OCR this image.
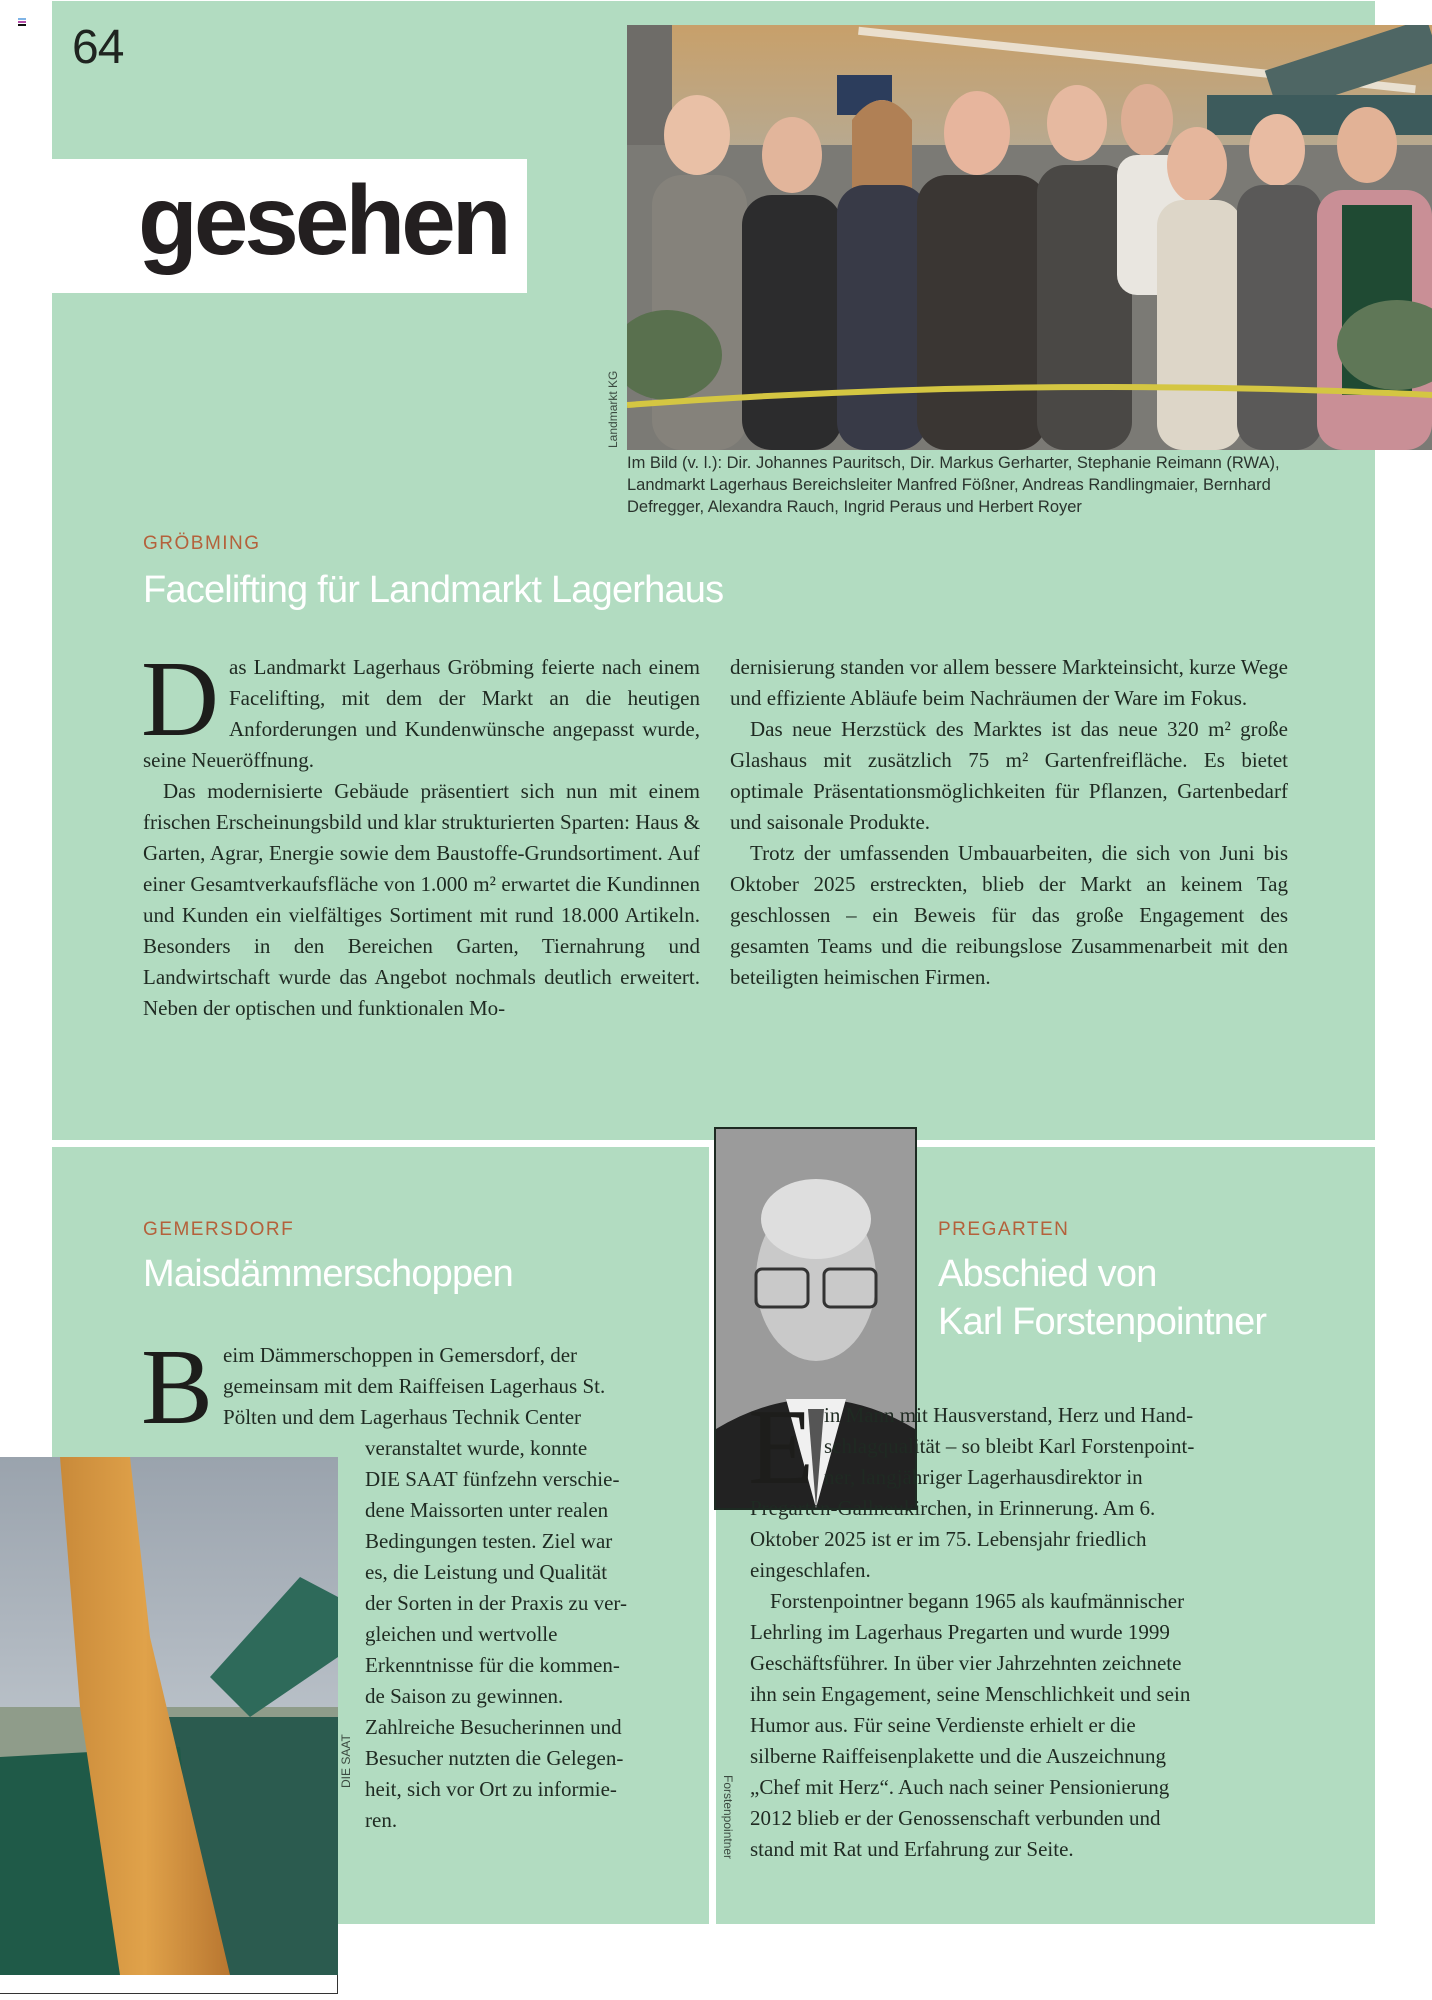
64
gesehen
Landmarkt KG
Im Bild (v. l.): Dir. Johannes Pauritsch, Dir. Markus Gerharter, Stephanie Reimann (RWA), Landmarkt Lagerhaus Bereichsleiter Manfred Fößner, Andreas Randlingmaier, Bernhard Defregger, Alexandra Rauch, Ingrid Peraus und Herbert Royer
GRÖBMING
Facelifting für Landmarkt Lagerhaus
D as Landmarkt Lagerhaus Gröbming feierte nach einem Facelifting, mit dem der Markt an die heutigen Anforderungen und Kundenwünsche angepasst wurde, seine Neueröffnung.

Das modernisierte Gebäude präsentiert sich nun mit einem frischen Erscheinungsbild und klar strukturierten Sparten: Haus & Garten, Agrar, Energie sowie dem Baustoffe-Grundsortiment. Auf einer Gesamtverkaufsfläche von 1.000 m² erwartet die Kundinnen und Kunden ein vielfältiges Sortiment mit rund 18.000 Artikeln. Besonders in den Bereichen Garten, Tiernahrung und Landwirtschaft wurde das Angebot nochmals deutlich erweitert. Neben der optischen und funktionalen Mo-

dernisierung standen vor allem bessere Markteinsicht, kurze Wege und effiziente Abläufe beim Nachräumen der Ware im Fokus.

Das neue Herzstück des Marktes ist das neue 320 m² große Glashaus mit zusätzlich 75 m² Gartenfreifläche. Es bietet optimale Präsentationsmöglichkeiten für Pflanzen, Gartenbedarf und saisonale Produkte.

Trotz der umfassenden Umbauarbeiten, die sich von Juni bis Oktober 2025 erstreckten, blieb der Markt an keinem Tag geschlossen – ein Beweis für das große Engagement des gesamten Teams und die reibungslose Zusammenarbeit mit den beteiligten heimischen Firmen.

GEMERSDORF
Maisdämmerschoppen
B eim Dämmerschoppen in Gemersdorf, der
gemeinsam mit dem Raiffeisen Lagerhaus St.
Pölten und dem Lagerhaus Technik Center
veranstaltet wurde, konnte
DIE SAAT fünfzehn verschie-
dene Maissorten unter realen
Bedingungen testen. Ziel war
es, die Leistung und Qualität
der Sorten in der Praxis zu ver-
gleichen und wertvolle
Erkenntnisse für die kommen-
de Saison zu gewinnen.
Zahlreiche Besucherinnen und
Besucher nutzten die Gelegen-
heit, sich vor Ort zu informie-
ren.
DIE SAAT
Forstenpointner
PREGARTEN
Abschied von
Karl Forstenpointner
E in Mann mit Hausverstand, Herz und Hand-
schlagqualität – so bleibt Karl Forstenpoint-
ner, langjähriger Lagerhausdirektor in
Pregarten-Gallneukirchen, in Erinnerung. Am 6.
Oktober 2025 ist er im 75. Lebensjahr friedlich
eingeschlafen.
Forstenpointner begann 1965 als kaufmännischer
Lehrling im Lagerhaus Pregarten und wurde 1999
Geschäftsführer. In über vier Jahrzehnten zeichnete
ihn sein Engagement, seine Menschlichkeit und sein
Humor aus. Für seine Verdienste erhielt er die
silberne Raiffeisenplakette und die Auszeichnung
„Chef mit Herz“. Auch nach seiner Pensionierung
2012 blieb er der Genossenschaft verbunden und
stand mit Rat und Erfahrung zur Seite.
